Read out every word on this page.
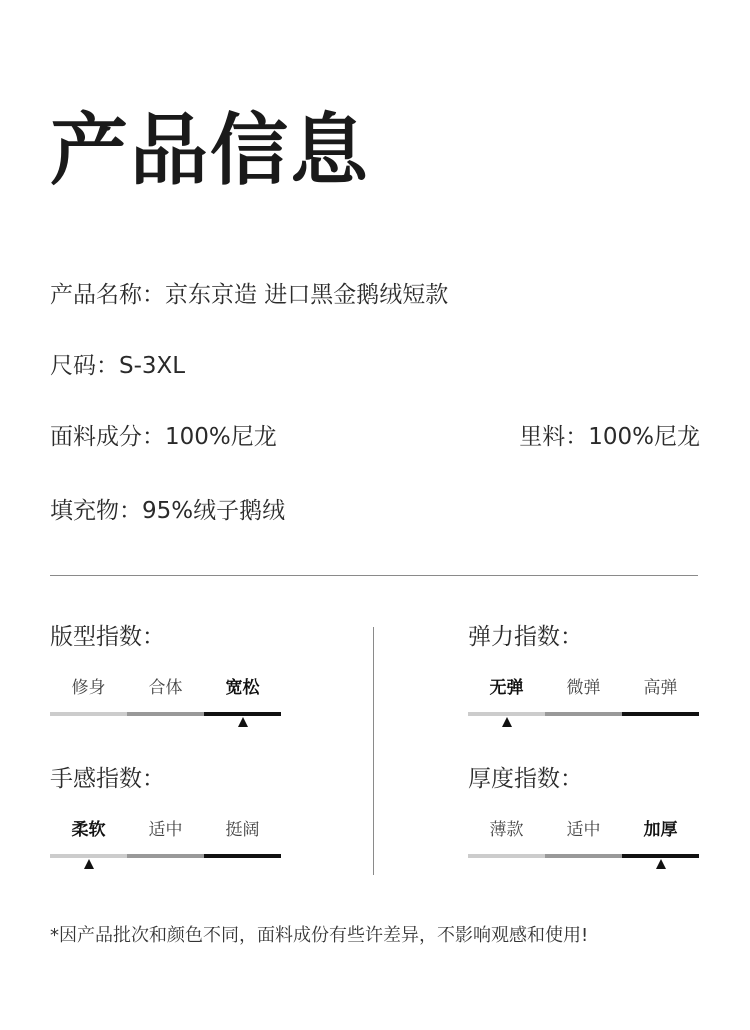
产品信息
产品名称：京东京造 进口黑金鹅绒短款
尺码：S-3XL
面料成分：100%尼龙	里料：100%尼龙
填充物：95%绒子鹅绒
版型指数：
修身	合体	宽松
弹力指数：
无弹	微弹	高弹
手感指数：
柔软	适中	挺阔
厚度指数：
薄款	适中	加厚
*因产品批次和颜色不同，面料成份有些许差异，不影响观感和使用!
